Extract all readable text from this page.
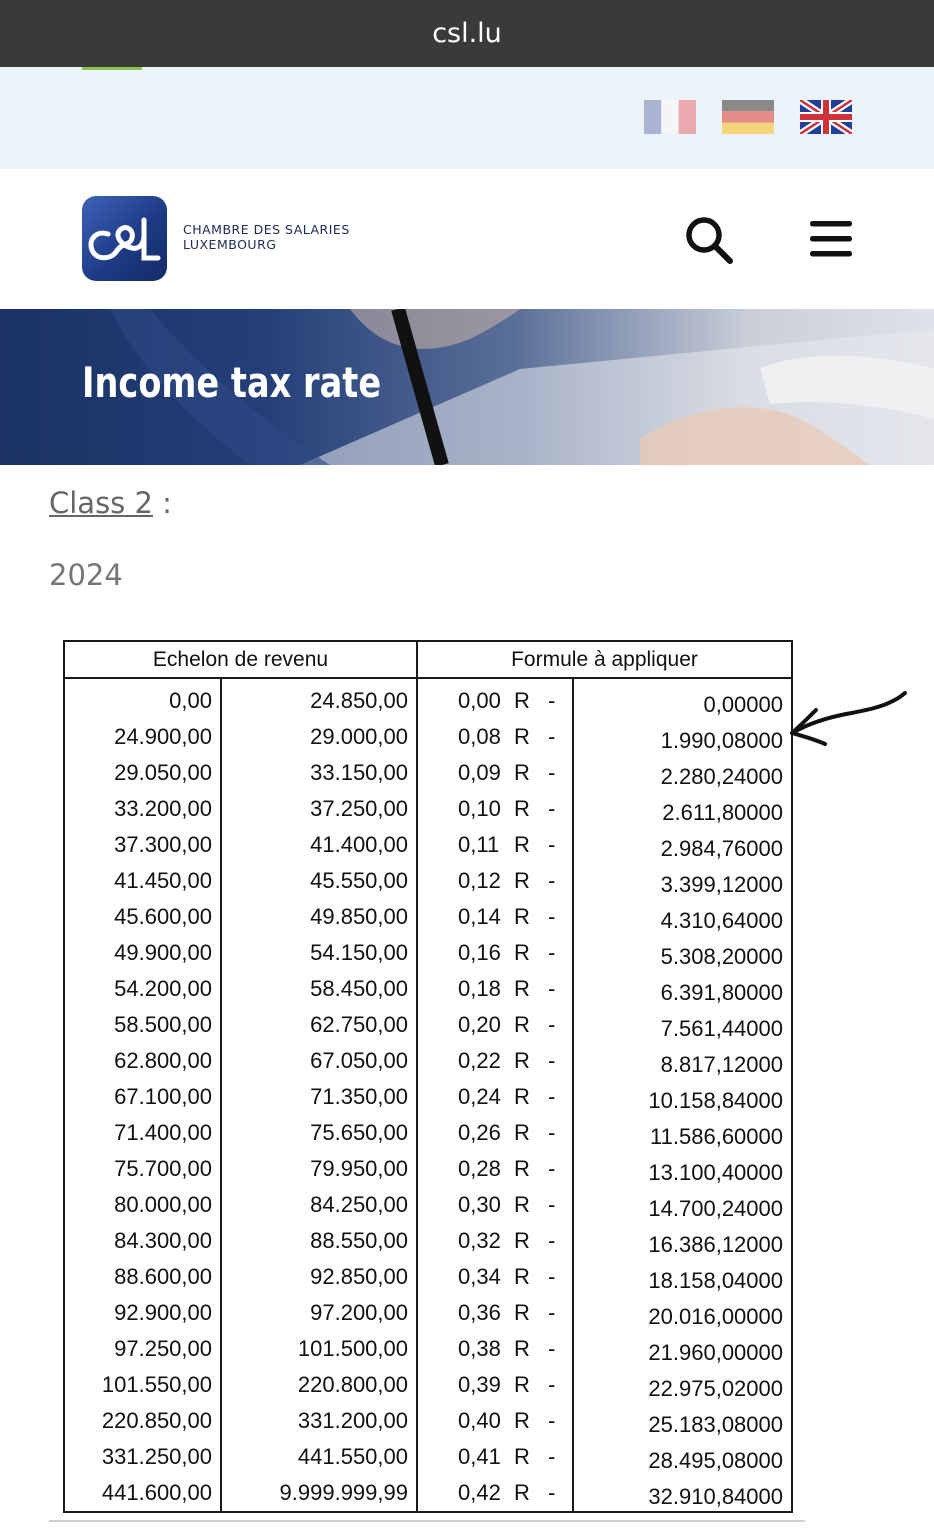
csl.lu
CHAMBRE DES SALARIES
LUXEMBOURG
Income tax rate
Class 2 :
2024
Echelon de revenu		Formule à appliquer	
0,00	24.850,00	0,00 R -	0,00000
24.900,00	29.000,00	0,08 R -	1.990,08000
29.050,00	33.150,00	0,09 R -	2.280,24000
33.200,00	37.250,00	0,10 R -	2.611,80000
37.300,00	41.400,00	0,11 R -	2.984,76000
41.450,00	45.550,00	0,12 R -	3.399,12000
45.600,00	49.850,00	0,14 R -	4.310,64000
49.900,00	54.150,00	0,16 R -	5.308,20000
54.200,00	58.450,00	0,18 R -	6.391,80000
58.500,00	62.750,00	0,20 R -	7.561,44000
62.800,00	67.050,00	0,22 R -	8.817,12000
67.100,00	71.350,00	0,24 R -	10.158,84000
71.400,00	75.650,00	0,26 R -	11.586,60000
75.700,00	79.950,00	0,28 R -	13.100,40000
80.000,00	84.250,00	0,30 R -	14.700,24000
84.300,00	88.550,00	0,32 R -	16.386,12000
88.600,00	92.850,00	0,34 R -	18.158,04000
92.900,00	97.200,00	0,36 R -	20.016,00000
97.250,00	101.500,00	0,38 R -	21.960,00000
101.550,00	220.800,00	0,39 R -	22.975,02000
220.850,00	331.200,00	0,40 R -	25.183,08000
331.250,00	441.550,00	0,41 R -	28.495,08000
441.600,00	9.999.999,99	0,42 R -	32.910,84000
